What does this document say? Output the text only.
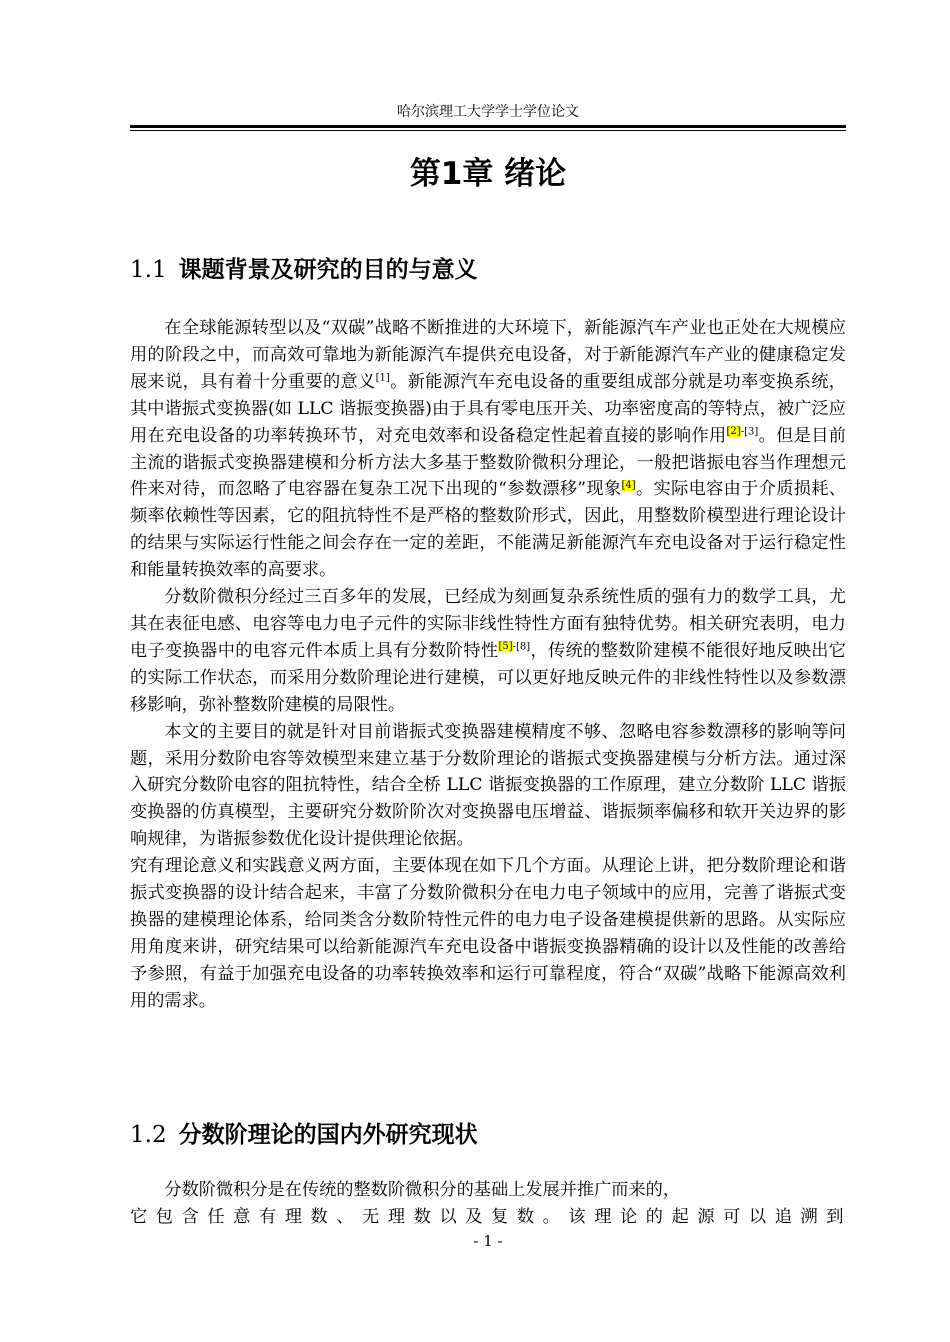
哈尔滨理工大学学士学位论文
第1章 绪论
1.1 课题背景及研究的目的与意义

在全球能源转型以及“双碳”战略不断推进的大环境下，新能源汽车产业也正处在大规模应用的阶段之中，而高效可靠地为新能源汽车提供充电设备，对于新能源汽车产业的健康稳定发展来说，具有着十分重要的意义[1]。新能源汽车充电设备的重要组成部分就是功率变换系统，其中谐振式变换器(如 LLC 谐振变换器)由于具有零电压开关、功率密度高的等特点，被广泛应用在充电设备的功率转换环节，对充电效率和设备稳定性起着直接的影响作用[2]-[3]。但是目前主流的谐振式变换器建模和分析方法大多基于整数阶微积分理论，一般把谐振电容当作理想元件来对待，而忽略了电容器在复杂工况下出现的“参数漂移”现象[4]。实际电容由于介质损耗、频率依赖性等因素，它的阻抗特性不是严格的整数阶形式，因此，用整数阶模型进行理论设计的结果与实际运行性能之间会存在一定的差距，不能满足新能源汽车充电设备对于运行稳定性和能量转换效率的高要求。

分数阶微积分经过三百多年的发展，已经成为刻画复杂系统性质的强有力的数学工具，尤其在表征电感、电容等电力电子元件的实际非线性特性方面有独特优势。相关研究表明，电力电子变换器中的电容元件本质上具有分数阶特性[5]-[8]，传统的整数阶建模不能很好地反映出它的实际工作状态，而采用分数阶理论进行建模，可以更好地反映元件的非线性特性以及参数漂移影响，弥补整数阶建模的局限性。

本文的主要目的就是针对目前谐振式变换器建模精度不够、忽略电容参数漂移的影响等问题，采用分数阶电容等效模型来建立基于分数阶理论的谐振式变换器建模与分析方法。通过深入研究分数阶电容的阻抗特性，结合全桥 LLC 谐振变换器的工作原理，建立分数阶 LLC 谐振变换器的仿真模型，主要研究分数阶阶次对变换器电压增益、谐振频率偏移和软开关边界的影响规律，为谐振参数优化设计提供理论依据。

究有理论意义和实践意义两方面，主要体现在如下几个方面。从理论上讲，把分数阶理论和谐振式变换器的设计结合起来，丰富了分数阶微积分在电力电子领域中的应用，完善了谐振式变换器的建模理论体系，给同类含分数阶特性元件的电力电子设备建模提供新的思路。从实际应用角度来讲，研究结果可以给新能源汽车充电设备中谐振变换器精确的设计以及性能的改善给予参照，有益于加强充电设备的功率转换效率和运行可靠程度，符合“双碳”战略下能源高效利用的需求。

1.2 分数阶理论的国内外研究现状

分数阶微积分是在传统的整数阶微积分的基础上发展并推广而来的，

它包含任意有理数、无理数以及复数。该理论的起源可以追溯到

- 1 -
